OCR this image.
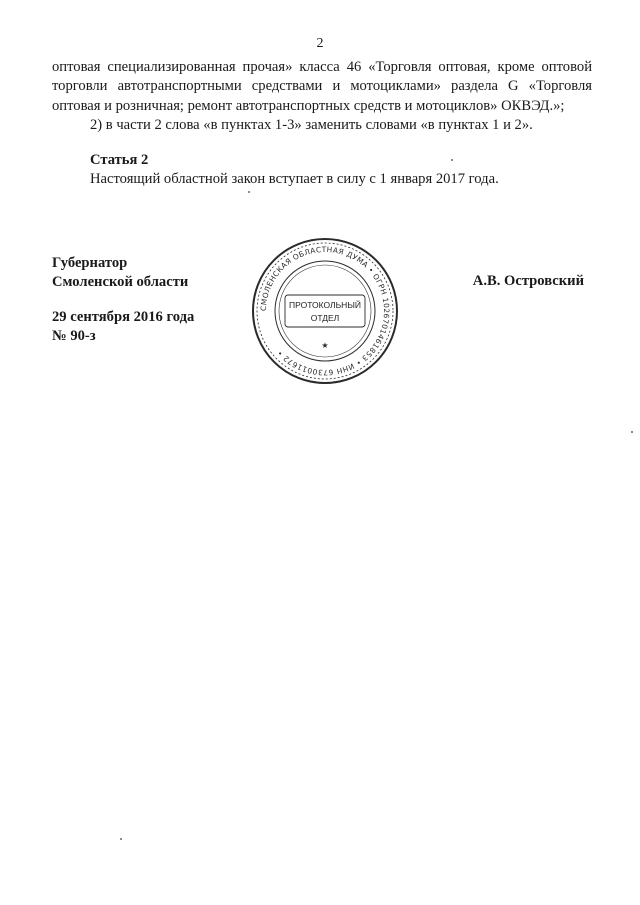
2

оптовая специализированная прочая» класса 46 «Торговля оптовая, кроме оптовой торговли автотранспортными средствами и мотоциклами» раздела G «Торговля оптовая и розничная; ремонт автотранспортных средств и мотоциклов» ОКВЭД.»;

2) в части 2 слова «в пунктах 1-3» заменить словами «в пунктах 1 и 2».

Статья 2
Настоящий областной закон вступает в силу с 1 января 2017 года.
Губернатор
Смоленской области
29 сентября 2016 года
№ 90-з
А.В. Островский
СМОЛЕНСКАЯ ОБЛАСТНАЯ ДУМА • ОГРН 1026701461853 • ИНН 6730011672 •
ПРОТОКОЛЬНЫЙ
ОТДЕЛ
★
